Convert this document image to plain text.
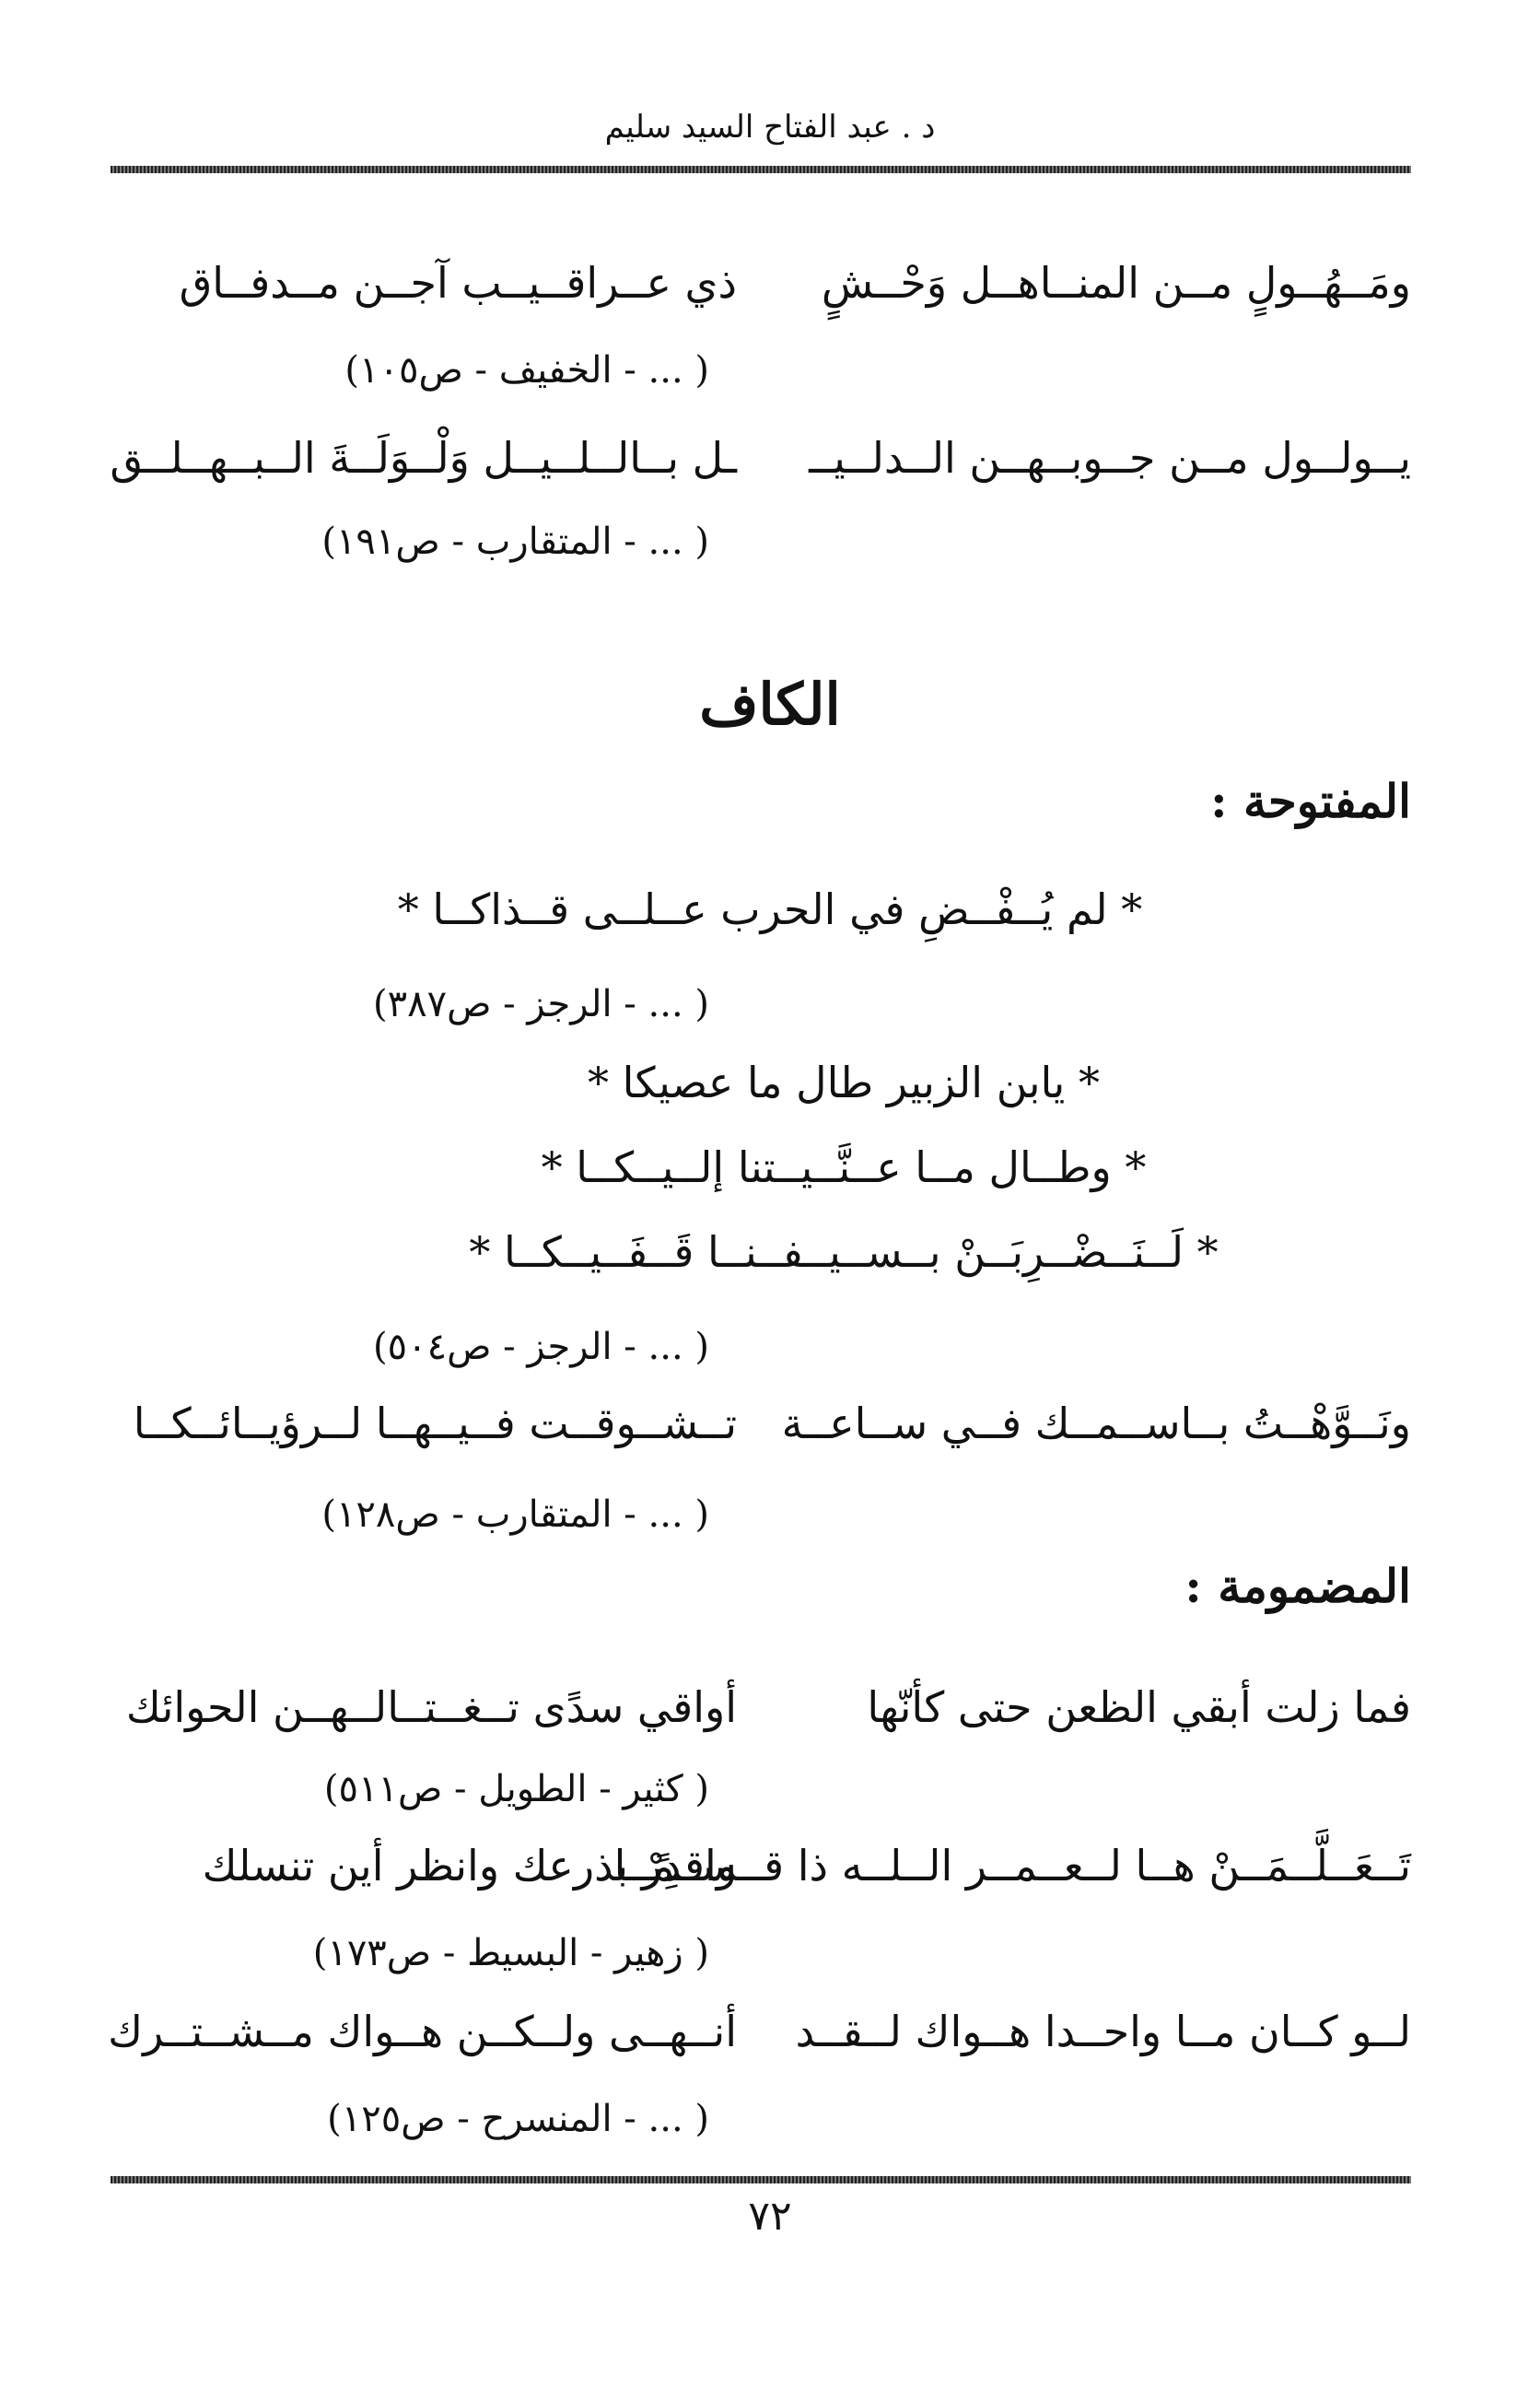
د . عبد الفتاح السيد سليم
ومَــهُــولٍ مــن المنــاهــل وَحْــشٍ
ذي عــراقــيــب آجــن مــدفــاق
( ... - الخفيف - ص١٠٥)
يــولــول مــن جــوبــهــن الــدلــيــ
ـل بــالــلــيــل وَلْــوَلَــةَ الــبــهــلــق
( ... - المتقارب - ص١٩١)
الكاف
المفتوحة :
* لم يُــفْــضِ في الحرب عــلــى قــذاكــا *
( ... - الرجز - ص٣٨٧)
* يابن الزبير طال ما عصيكا *
* وطــال مــا عــنَّــيــتنا إلــيــكــا *
* لَــنَــضْــرِبَــنْ بــســيــفــنــا قَــفَــيــكــا *
( ... - الرجز - ص٥٠٤)
ونَــوَّهْــتُ بــاســمــك فــي ســاعــة
تــشــوقــت فــيــهــا لــرؤيــائــكــا
( ... - المتقارب - ص١٢٨)
المضمومة :
فما زلت أبقي الظعن حتى كأنّها
أواقي سدًى تــغــتــالــهــن الحوائك
( كثير - الطويل - ص٥١١)
تَــعَــلَّــمَــنْ هــا لــعــمــر الــلــه ذا قــســمًــا
واقدِرْ بذرعك وانظر أين تنسلك
( زهير - البسيط - ص١٧٣)
لــو كــان مــا واحــدا هــواك لــقــد
أنــهــى ولــكــن هــواك مــشــتــرك
( ... - المنسرح - ص١٢٥)
٧٢
